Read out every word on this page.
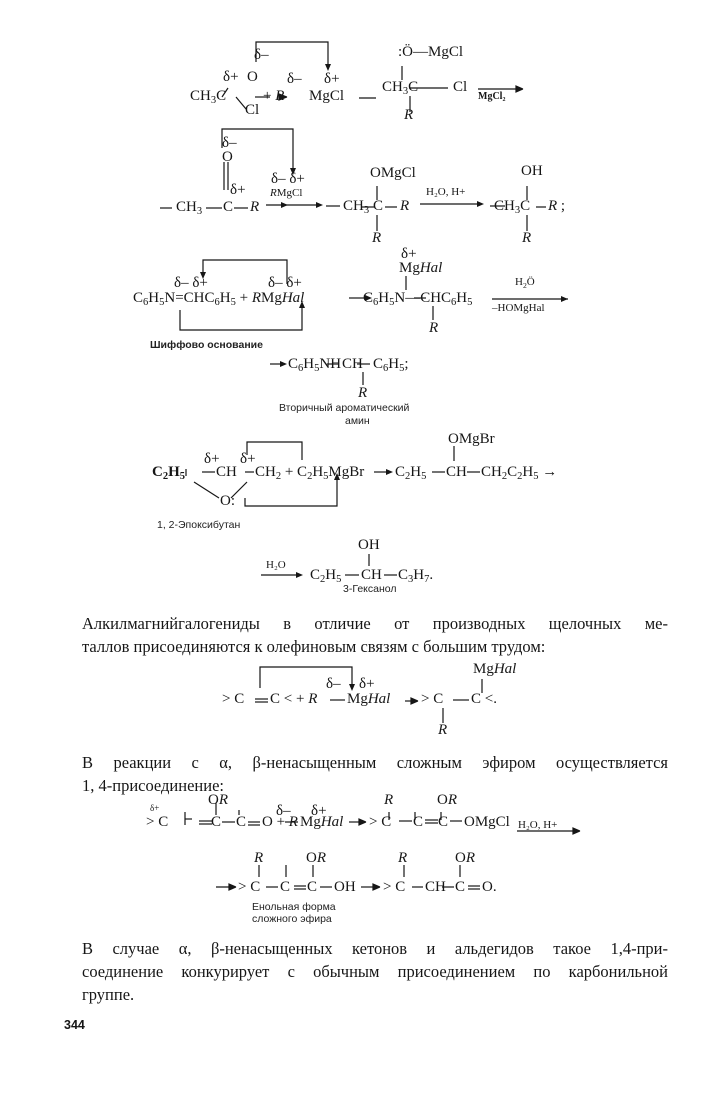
δ–	:Ö—MgCl
δ+ O δ– δ+
$CH_3C + R$ MgCl
$CH_3C$ Cl
MgCl₂
Cl	R
δ–
O
δ– δ+	OMgCl	OH
δ+ RMgCl	H₂O, H+
$CH_3$ C R	$CH_3$ C R	$CH_3C$ R ;
R	R
δ+
MgHal
$H_2Ö$
δ– δ+	δ– δ+
$C_6H_5N=CHC_6H_5$ + RMgHal	$C_6H_5N—CHC_6H_5$ –HOMgHal
R
Шиффово основание
$C_6H_5NH$ CH $C_6H_5$;
R
Вторичный ароматический
амин
OMgBr
δ+ δ+
$C_2H_5$ CH $CH_2$ + $C_2H_5MgBr$ $C_2H_5$ CH $CH_2C_2H_5$ →
O:
1, 2-Эпоксибутан
OH
H₂O
$C_2H_5$ CH $C_3H_7$.
3-Гексанол
Алкилмагнийгалогениды в отличие от производных щелочных ме-
таллов присоединяются к олефиновым связям с большим трудом:
MgHal
δ– δ+
> C C < + R MgHal > C C <.
R
В реакции с α, β-ненасыщенным сложным эфиром осуществляется
1, 4-присоединение:
OR	R	OR
δ+	δ– δ+
> C	C C O + R MgHal > C C C OMgCl H₂O, H+
R	OR	R	OR
> C C C OH > C CH C O.
Енольная форма
сложного эфира
В случае α, β-ненасыщенных кетонов и альдегидов такое 1,4-при-
соединение конкурирует с обычным присоединением по карбонильной
группе.
344
